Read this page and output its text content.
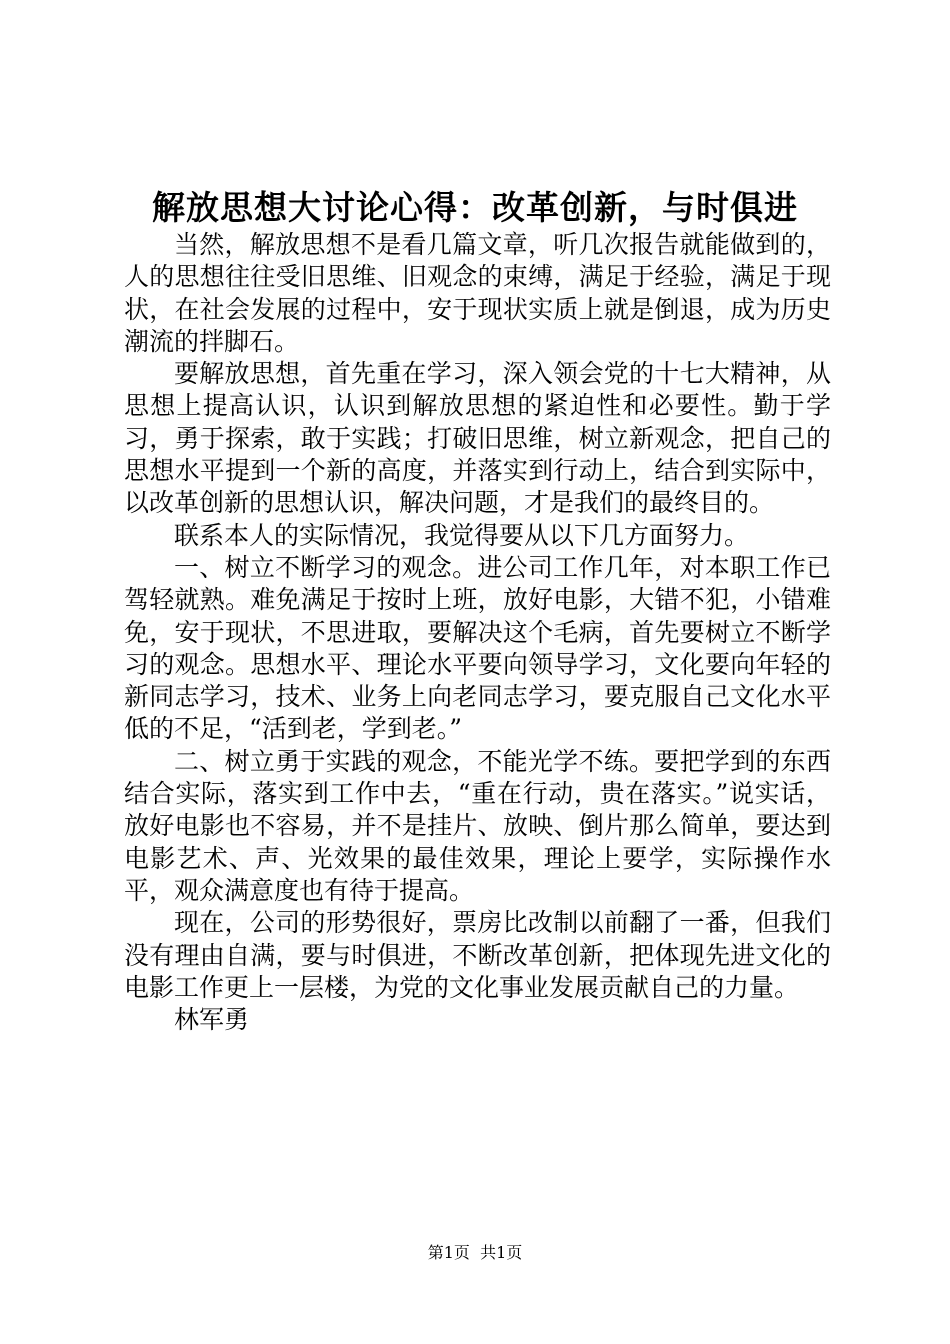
解放思想大讨论心得：改革创新，与时俱进

当然，解放思想不是看几篇文章，听几次报告就能做到的，人的思想往往受旧思维、旧观念的束缚，满足于经验，满足于现状，在社会发展的过程中，安于现状实质上就是倒退，成为历史潮流的拌脚石。

要解放思想，首先重在学习，深入领会党的十七大精神，从思想上提高认识，认识到解放思想的紧迫性和必要性。勤于学习，勇于探索，敢于实践；打破旧思维，树立新观念，把自己的思想水平提到一个新的高度，并落实到行动上，结合到实际中，以改革创新的思想认识，解决问题，才是我们的最终目的。

联系本人的实际情况，我觉得要从以下几方面努力。

一、树立不断学习的观念。进公司工作几年，对本职工作已驾轻就熟。难免满足于按时上班，放好电影，大错不犯，小错难免，安于现状，不思进取，要解决这个毛病，首先要树立不断学习的观念。思想水平、理论水平要向领导学习，文化要向年轻的新同志学习，技术、业务上向老同志学习，要克服自己文化水平低的不足，“活到老，学到老。”

二、树立勇于实践的观念，不能光学不练。要把学到的东西结合实际，落实到工作中去，“重在行动，贵在落实。”说实话，放好电影也不容易，并不是挂片、放映、倒片那么简单，要达到电影艺术、声、光效果的最佳效果，理论上要学，实际操作水平，观众满意度也有待于提高。

现在，公司的形势很好，票房比改制以前翻了一番，但我们没有理由自满，要与时俱进，不断改革创新，把体现先进文化的电影工作更上一层楼，为党的文化事业发展贡献自己的力量。

林军勇

第1页  共1页
